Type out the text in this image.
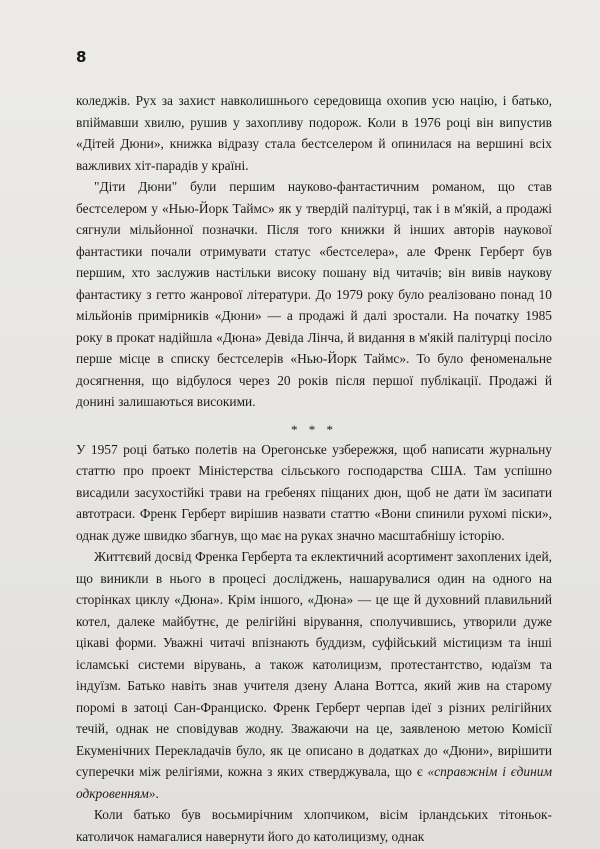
8

коледжів. Рух за захист навколишнього середовища охопив усю націю, і батько, впіймавши хвилю, рушив у захопливу подорож. Коли в 1976 році він випустив «Дітей Дюни», книжка відразу стала бестселером й опинилася на вершині всіх важливих хіт-парадів у країні.

"Діти Дюни" були першим науково-фантастичним романом, що став бестселером у «Нью-Йорк Таймс» як у твердій палітурці, так і в м'якій, а продажі сягнули мільйонної позначки. Після того книжки й інших авторів наукової фантастики почали отримувати статус «бестселера», але Френк Герберт був першим, хто заслужив настільки високу пошану від читачів; він вивів наукову фантастику з гетто жанрової літератури. До 1979 року було реалізовано понад 10 мільйонів примірників «Дюни» — а продажі й далі зростали. На початку 1985 року в прокат надійшла «Дюна» Девіда Лінча, й видання в м'якій палітурці посіло перше місце в списку бестселерів «Нью-Йорк Таймс». То було феноменальне досягнення, що відбулося через 20 років після першої публікації. Продажі й донині залишаються високими.

* * *

У 1957 році батько полетів на Орегонське узбережжя, щоб написати журнальну статтю про проект Міністерства сільського господарства США. Там успішно висадили засухостійкі трави на гребенях піщаних дюн, щоб не дати їм засипати автотраси. Френк Герберт вирішив назвати статтю «Вони спинили рухомі піски», однак дуже швидко збагнув, що має на руках значно масштабнішу історію.

Життєвий досвід Френка Герберта та еклектичний асортимент захоплених ідей, що виникли в нього в процесі досліджень, нашарувалися один на одного на сторінках циклу «Дюна». Крім іншого, «Дюна» — це ще й духовний плавильний котел, далеке майбутнє, де релігійні вірування, сполучившись, утворили дуже цікаві форми. Уважні читачі впізнають буддизм, суфійський містицизм та інші ісламські системи вірувань, а також католицизм, протестантство, юдаїзм та індуїзм. Батько навіть знав учителя дзену Алана Воттса, який жив на старому поромі в затоці Сан-Франциско. Френк Герберт черпав ідеї з різних релігійних течій, однак не сповідував жодну. Зважаючи на це, заявленою метою Комісії Екуменічних Перекладачів було, як це описано в додатках до «Дюни», вирішити суперечки між релігіями, кожна з яких стверджувала, що є «справжнім і єдиним одкровенням».

Коли батько був восьмирічним хлопчиком, вісім ірландських тітоньок-католичок намагалися навернути його до католицизму, однак
